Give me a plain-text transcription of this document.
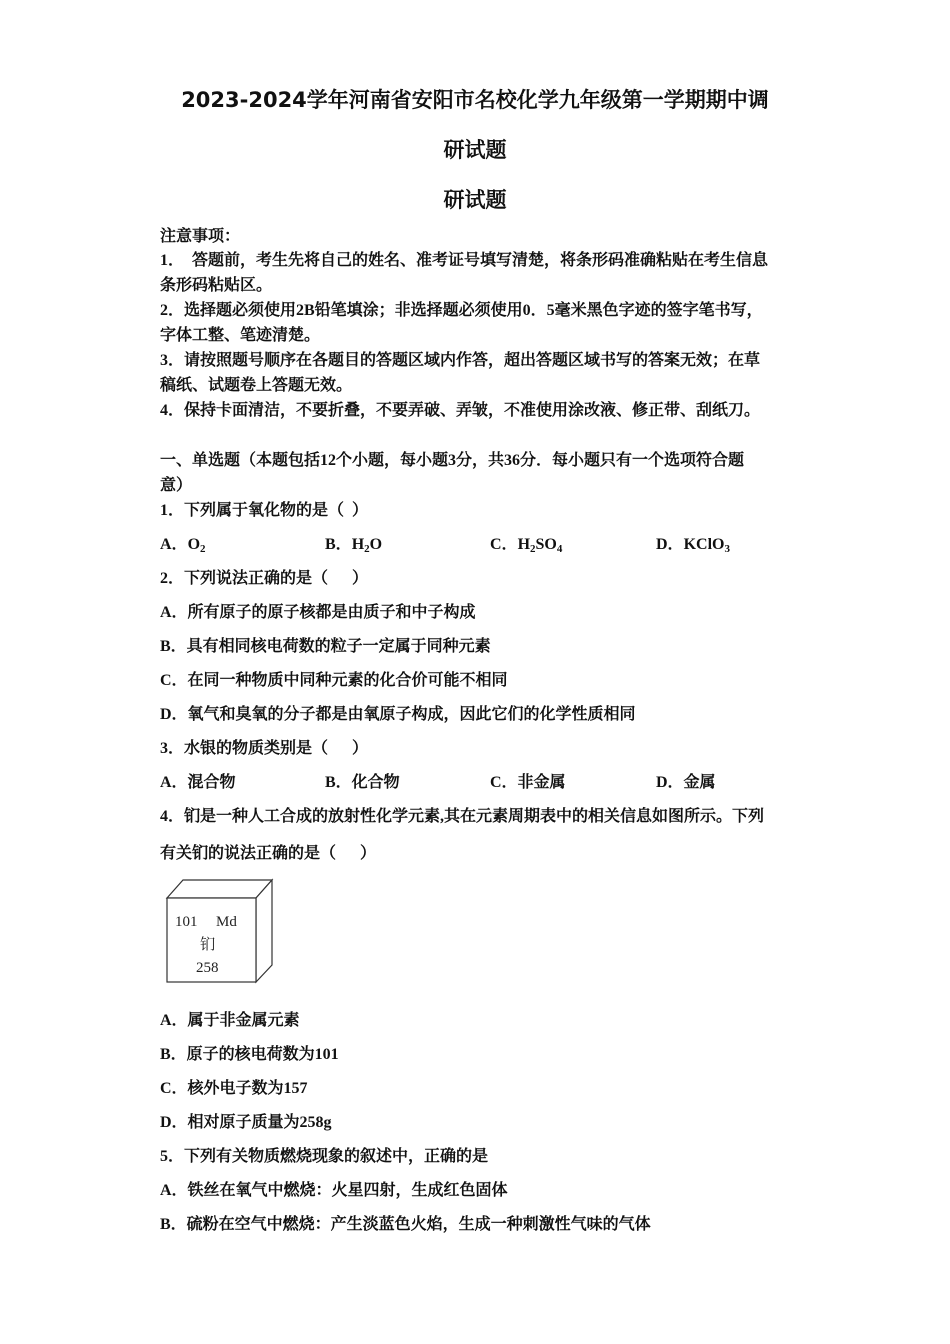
2023-2024学年河南省安阳市名校化学九年级第一学期期中调
研试题
研试题
注意事项：
1．  答题前，考生先将自己的姓名、准考证号填写清楚，将条形码准确粘贴在考生信息
条形码粘贴区。
2．选择题必须使用2B铅笔填涂；非选择题必须使用0．5毫米黑色字迹的签字笔书写，
字体工整、笔迹清楚。
3．请按照题号顺序在各题目的答题区域内作答，超出答题区域书写的答案无效；在草
稿纸、试题卷上答题无效。
4．保持卡面清洁，不要折叠，不要弄破、弄皱，不准使用涂改液、修正带、刮纸刀。
一、单选题（本题包括12个小题，每小题3分，共36分．每小题只有一个选项符合题
意）
1．下列属于氧化物的是（  ）
A．$O_2$	B．$H_2O$	C．$H_2SO_4$	D．KClO$_3$
2．下列说法正确的是（      ）
A．所有原子的原子核都是由质子和中子构成
B．具有相同核电荷数的粒子一定属于同种元素
C．在同一种物质中同种元素的化合价可能不相同
D．氧气和臭氧的分子都是由氧原子构成，因此它们的化学性质相同
3．水银的物质类别是（      ）
A．混合物	B．化合物	C．非金属	D．金属
4．钔是一种人工合成的放射性化学元素,其在元素周期表中的相关信息如图所示。下列
有关钔的说法正确的是（      ）
101 Md
钔
258
A．属于非金属元素
B．原子的核电荷数为101
C．核外电子数为157
D．相对原子质量为258g
5．下列有关物质燃烧现象的叙述中，正确的是
A．铁丝在氧气中燃烧：火星四射，生成红色固体
B．硫粉在空气中燃烧：产生淡蓝色火焰，生成一种刺激性气味的气体
